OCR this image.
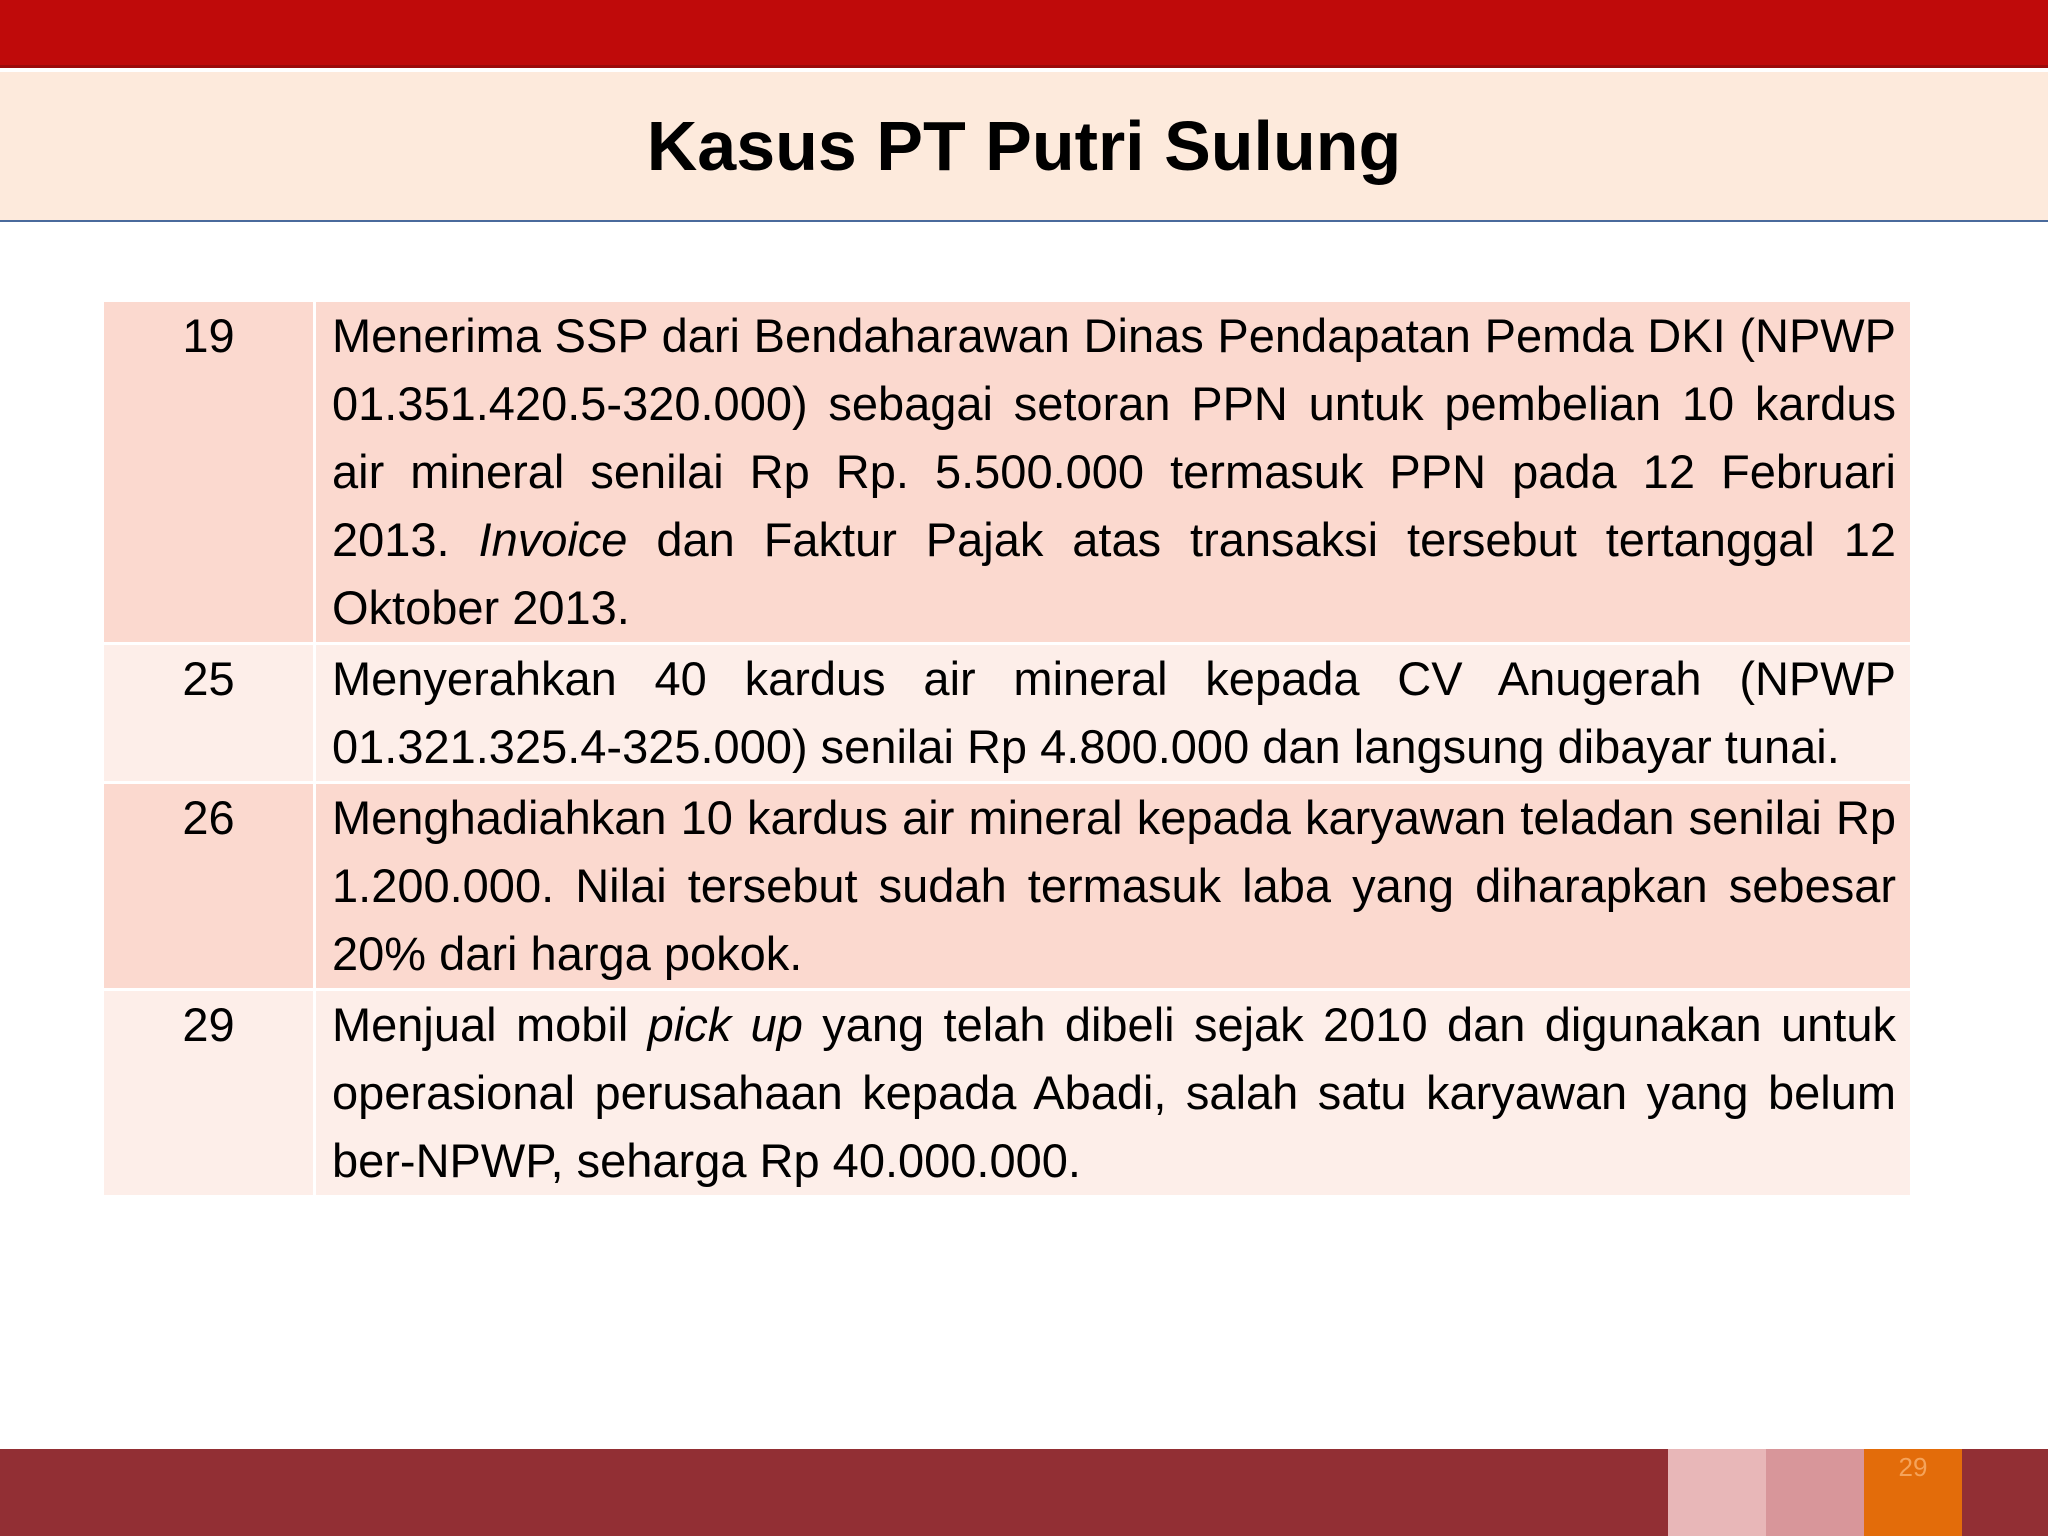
Kasus PT Putri Sulung
19	Menerima SSP dari Bendaharawan Dinas Pendapatan Pemda DKI (NPWP 01.351.420.5-320.000) sebagai setoran PPN untuk pembelian 10 kardus air mineral senilai Rp Rp. 5.500.000 termasuk PPN pada 12 Februari 2013. Invoice dan Faktur Pajak atas transaksi tersebut tertanggal 12 Oktober 2013.
25	Menyerahkan 40 kardus air mineral kepada CV Anugerah (NPWP 01.321.325.4-325.000) senilai Rp 4.800.000 dan langsung dibayar tunai.
26	Menghadiahkan 10 kardus air mineral kepada karyawan teladan senilai Rp 1.200.000. Nilai tersebut sudah termasuk laba yang diharapkan sebesar 20% dari harga pokok.
29	Menjual mobil pick up yang telah dibeli sejak 2010 dan digunakan untuk operasional perusahaan kepada Abadi, salah satu karyawan yang belum ber-NPWP, seharga Rp 40.000.000.
29
